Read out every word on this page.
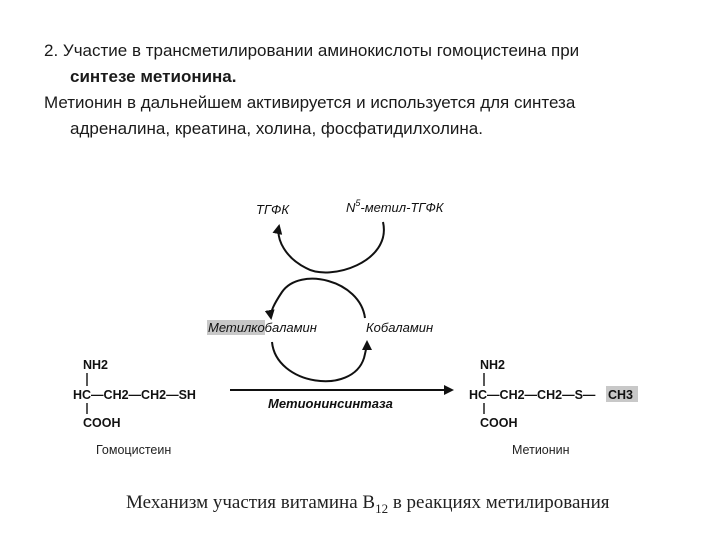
2. Участие в трансметилировании аминокислоты гомоцистеина при
синтезе метионина.

Метионин в дальнейшем активируется и используется для синтеза
адреналина, креатина, холина, фосфатидилхолина.

ТГФК	$N^5-метил$-ТГФК
Метилкобаламин	Кобаламин
Метионинсинтаза
NH2
HC—CH2—CH2—SH
COOH
Гомоцистеин
NH2
HC—CH2—CH2—S— CH3
COOH
Метионин
Механизм участия витамина $В_{12}$ в реакциях метилирования
